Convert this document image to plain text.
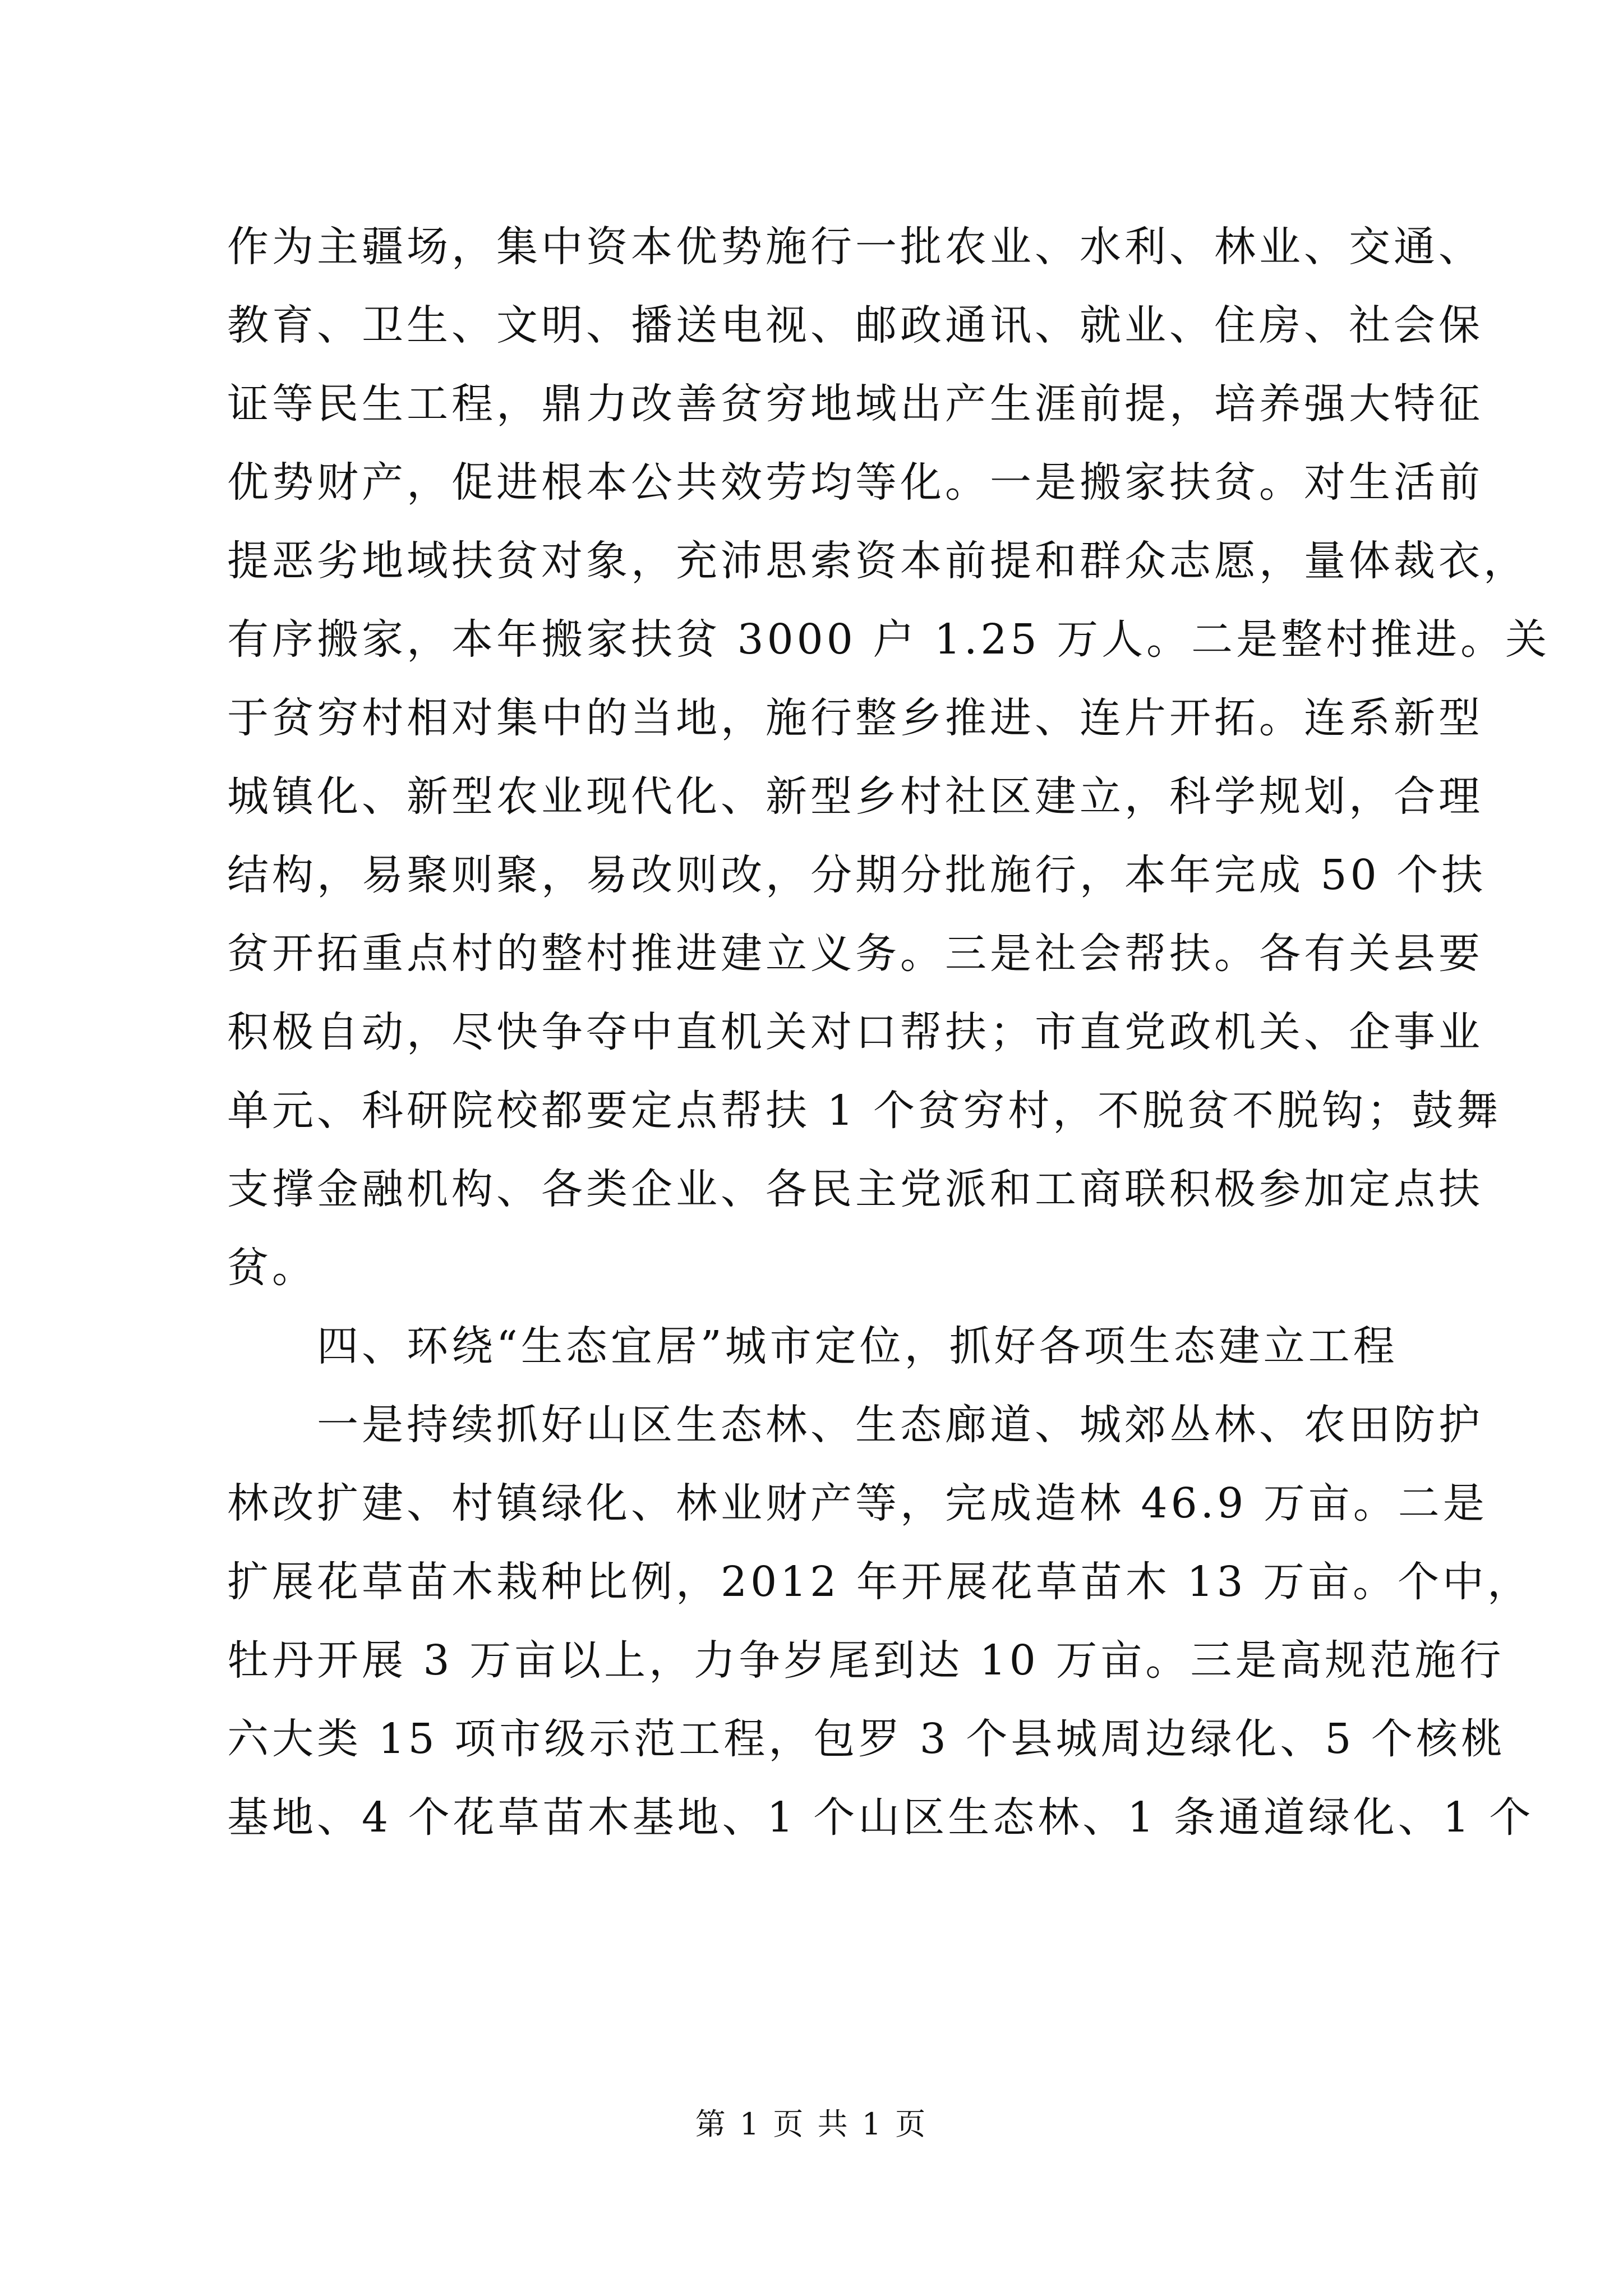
作为主疆场，集中资本优势施行一批农业、水利、林业、交通、
教育、卫生、文明、播送电视、邮政通讯、就业、住房、社会保
证等民生工程，鼎力改善贫穷地域出产生涯前提，培养强大特征
优势财产，促进根本公共效劳均等化。一是搬家扶贫。对生活前
提恶劣地域扶贫对象，充沛思索资本前提和群众志愿，量体裁衣，
有序搬家，本年搬家扶贫 3000 户 1.25 万人。二是整村推进。关
于贫穷村相对集中的当地，施行整乡推进、连片开拓。连系新型
城镇化、新型农业现代化、新型乡村社区建立，科学规划，合理
结构，易聚则聚，易改则改，分期分批施行，本年完成 50 个扶
贫开拓重点村的整村推进建立义务。三是社会帮扶。各有关县要
积极自动，尽快争夺中直机关对口帮扶；市直党政机关、企事业
单元、科研院校都要定点帮扶 1 个贫穷村，不脱贫不脱钩；鼓舞
支撑金融机构、各类企业、各民主党派和工商联积极参加定点扶
贫。
四、环绕“生态宜居”城市定位，抓好各项生态建立工程
一是持续抓好山区生态林、生态廊道、城郊丛林、农田防护
林改扩建、村镇绿化、林业财产等，完成造林 46.9 万亩。二是
扩展花草苗木栽种比例，2012 年开展花草苗木 13 万亩。个中，
牡丹开展 3 万亩以上，力争岁尾到达 10 万亩。三是高规范施行
六大类 15 项市级示范工程，包罗 3 个县城周边绿化、5 个核桃
基地、4 个花草苗木基地、1 个山区生态林、1 条通道绿化、1 个
第 1 页 共 1 页
